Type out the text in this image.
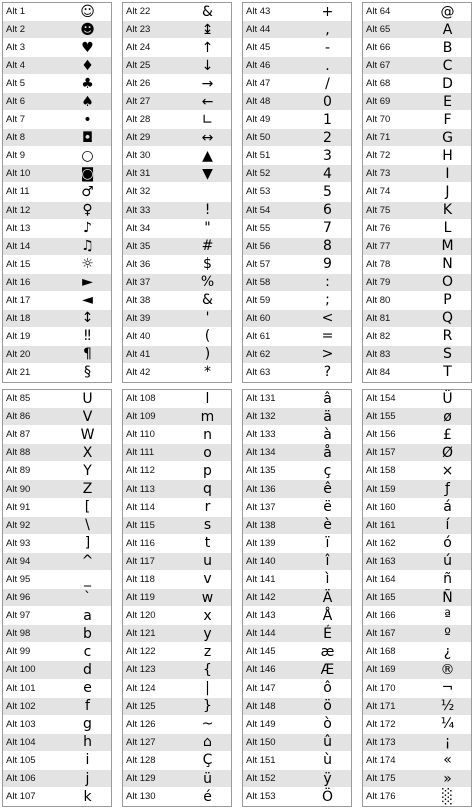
Alt 1	☺
Alt 2	☻
Alt 3	♥
Alt 4	♦
Alt 5	♣
Alt 6	♠
Alt 7	•
Alt 8	◘
Alt 9	○
Alt 10	◙
Alt 11	♂
Alt 12	♀
Alt 13	♪
Alt 14	♫
Alt 15	☼
Alt 16	►
Alt 17	◄
Alt 18	↕
Alt 19	‼
Alt 20	¶
Alt 21	§
Alt 22	&
Alt 23	↨
Alt 24	↑
Alt 25	↓
Alt 26	→
Alt 27	←
Alt 28	∟
Alt 29	↔
Alt 30	▲
Alt 31	▼
Alt 32
Alt 33	!
Alt 34	"
Alt 35	#
Alt 36	$
Alt 37	%
Alt 38	&
Alt 39	'
Alt 40	(
Alt 41	)
Alt 42	*
Alt 43	+
Alt 44	,
Alt 45	-
Alt 46	.
Alt 47	/
Alt 48	0
Alt 49	1
Alt 50	2
Alt 51	3
Alt 52	4
Alt 53	5
Alt 54	6
Alt 55	7
Alt 56	8
Alt 57	9
Alt 58	:
Alt 59	;
Alt 60	<
Alt 61	=
Alt 62	>
Alt 63	?
Alt 64	@
Alt 65	A
Alt 66	B
Alt 67	C
Alt 68	D
Alt 69	E
Alt 70	F
Alt 71	G
Alt 72	H
Alt 73	I
Alt 74	J
Alt 75	K
Alt 76	L
Alt 77	M
Alt 78	N
Alt 79	O
Alt 80	P
Alt 81	Q
Alt 82	R
Alt 83	S
Alt 84	T
Alt 85	U
Alt 86	V
Alt 87	W
Alt 88	X
Alt 89	Y
Alt 90	Z
Alt 91	[
Alt 92	\
Alt 93	]
Alt 94	^
Alt 95	_
Alt 96	`
Alt 97	a
Alt 98	b
Alt 99	c
Alt 100	d
Alt 101	e
Alt 102	f
Alt 103	g
Alt 104	h
Alt 105	i
Alt 106	j
Alt 107	k
Alt 108	l
Alt 109	m
Alt 110	n
Alt 111	o
Alt 112	p
Alt 113	q
Alt 114	r
Alt 115	s
Alt 116	t
Alt 117	u
Alt 118	v
Alt 119	w
Alt 120	x
Alt 121	y
Alt 122	z
Alt 123	{
Alt 124	|
Alt 125	}
Alt 126	~
Alt 127	⌂
Alt 128	Ç
Alt 129	ü
Alt 130	é
Alt 131	â
Alt 132	ä
Alt 133	à
Alt 134	å
Alt 135	ç
Alt 136	ê
Alt 137	ë
Alt 138	è
Alt 139	ï
Alt 140	î
Alt 141	ì
Alt 142	Ä
Alt 143	Å
Alt 144	É
Alt 145	æ
Alt 146	Æ
Alt 147	ô
Alt 148	ö
Alt 149	ò
Alt 150	û
Alt 151	ù
Alt 152	ÿ
Alt 153	Ö
Alt 154	Ü
Alt 155	ø
Alt 156	£
Alt 157	Ø
Alt 158	×
Alt 159	ƒ
Alt 160	á
Alt 161	í
Alt 162	ó
Alt 163	ú
Alt 164	ñ
Alt 165	Ñ
Alt 166	ª
Alt 167	º
Alt 168	¿
Alt 169	®
Alt 170	¬
Alt 171	½
Alt 172	¼
Alt 173	¡
Alt 174	«
Alt 175	»
Alt 176	░
